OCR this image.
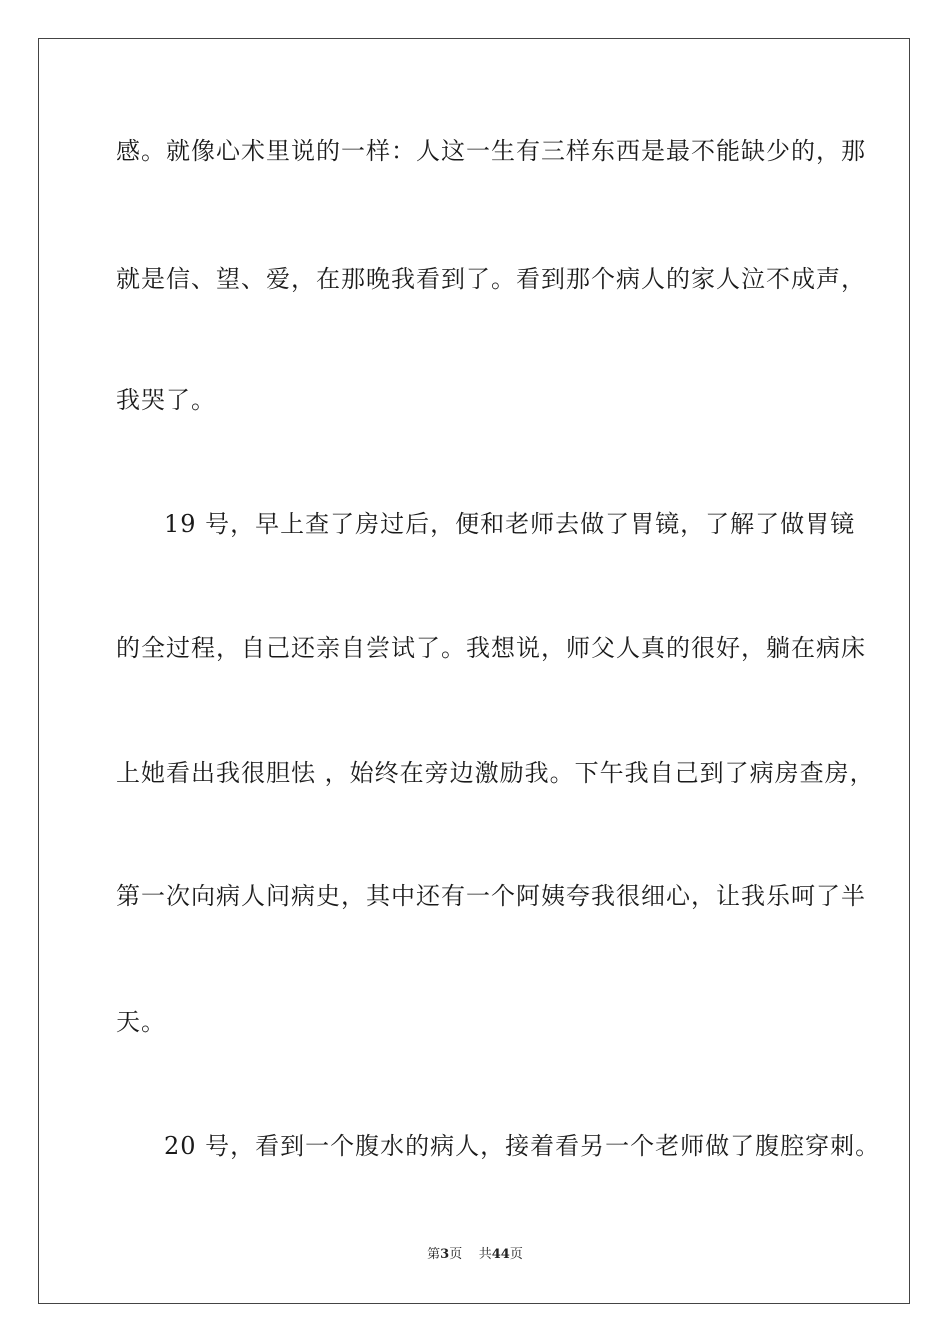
感。就像心术里说的一样：人这一生有三样东西是最不能缺少的，那
就是信、望、爱，在那晚我看到了。看到那个病人的家人泣不成声，
我哭了。
19 号，早上查了房过后，便和老师去做了胃镜，了解了做胃镜
的全过程，自己还亲自尝试了。我想说，师父人真的很好，躺在病床
上她看出我很胆怯 ，始终在旁边激励我。下午我自己到了病房查房，
第一次向病人问病史，其中还有一个阿姨夸我很细心，让我乐呵了半
天。
20 号，看到一个腹水的病人，接着看另一个老师做了腹腔穿刺。
第3页 共44页
